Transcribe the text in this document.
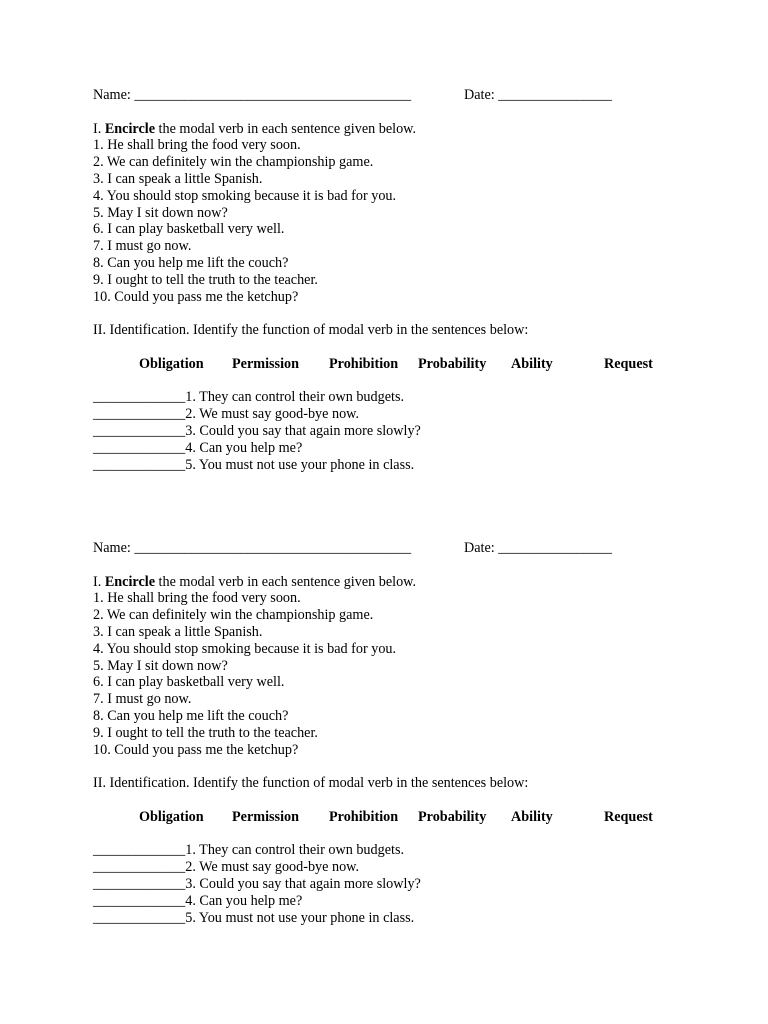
Name: _______________________________________	Date: ________________
I. Encircle the modal verb in each sentence given below.
1. He shall bring the food very soon.
2. We can definitely win the championship game.
3. I can speak a little Spanish.
4. You should stop smoking because it is bad for you.
5. May I sit down now?
6. I can play basketball very well.
7. I must go now.
8. Can you help me lift the couch?
9. I ought to tell the truth to the teacher.
10. Could you pass me the ketchup?
II. Identification. Identify the function of modal verb in the sentences below:
Obligation Permission Prohibition Probability Ability	Request
_____________1. They can control their own budgets.
_____________2. We must say good-bye now.
_____________3. Could you say that again more slowly?
_____________4. Can you help me?
_____________5. You must not use your phone in class.
Name: _______________________________________	Date: ________________
I. Encircle the modal verb in each sentence given below.
1. He shall bring the food very soon.
2. We can definitely win the championship game.
3. I can speak a little Spanish.
4. You should stop smoking because it is bad for you.
5. May I sit down now?
6. I can play basketball very well.
7. I must go now.
8. Can you help me lift the couch?
9. I ought to tell the truth to the teacher.
10. Could you pass me the ketchup?
II. Identification. Identify the function of modal verb in the sentences below:
Obligation Permission Prohibition Probability Ability	Request
_____________1. They can control their own budgets.
_____________2. We must say good-bye now.
_____________3. Could you say that again more slowly?
_____________4. Can you help me?
_____________5. You must not use your phone in class.
